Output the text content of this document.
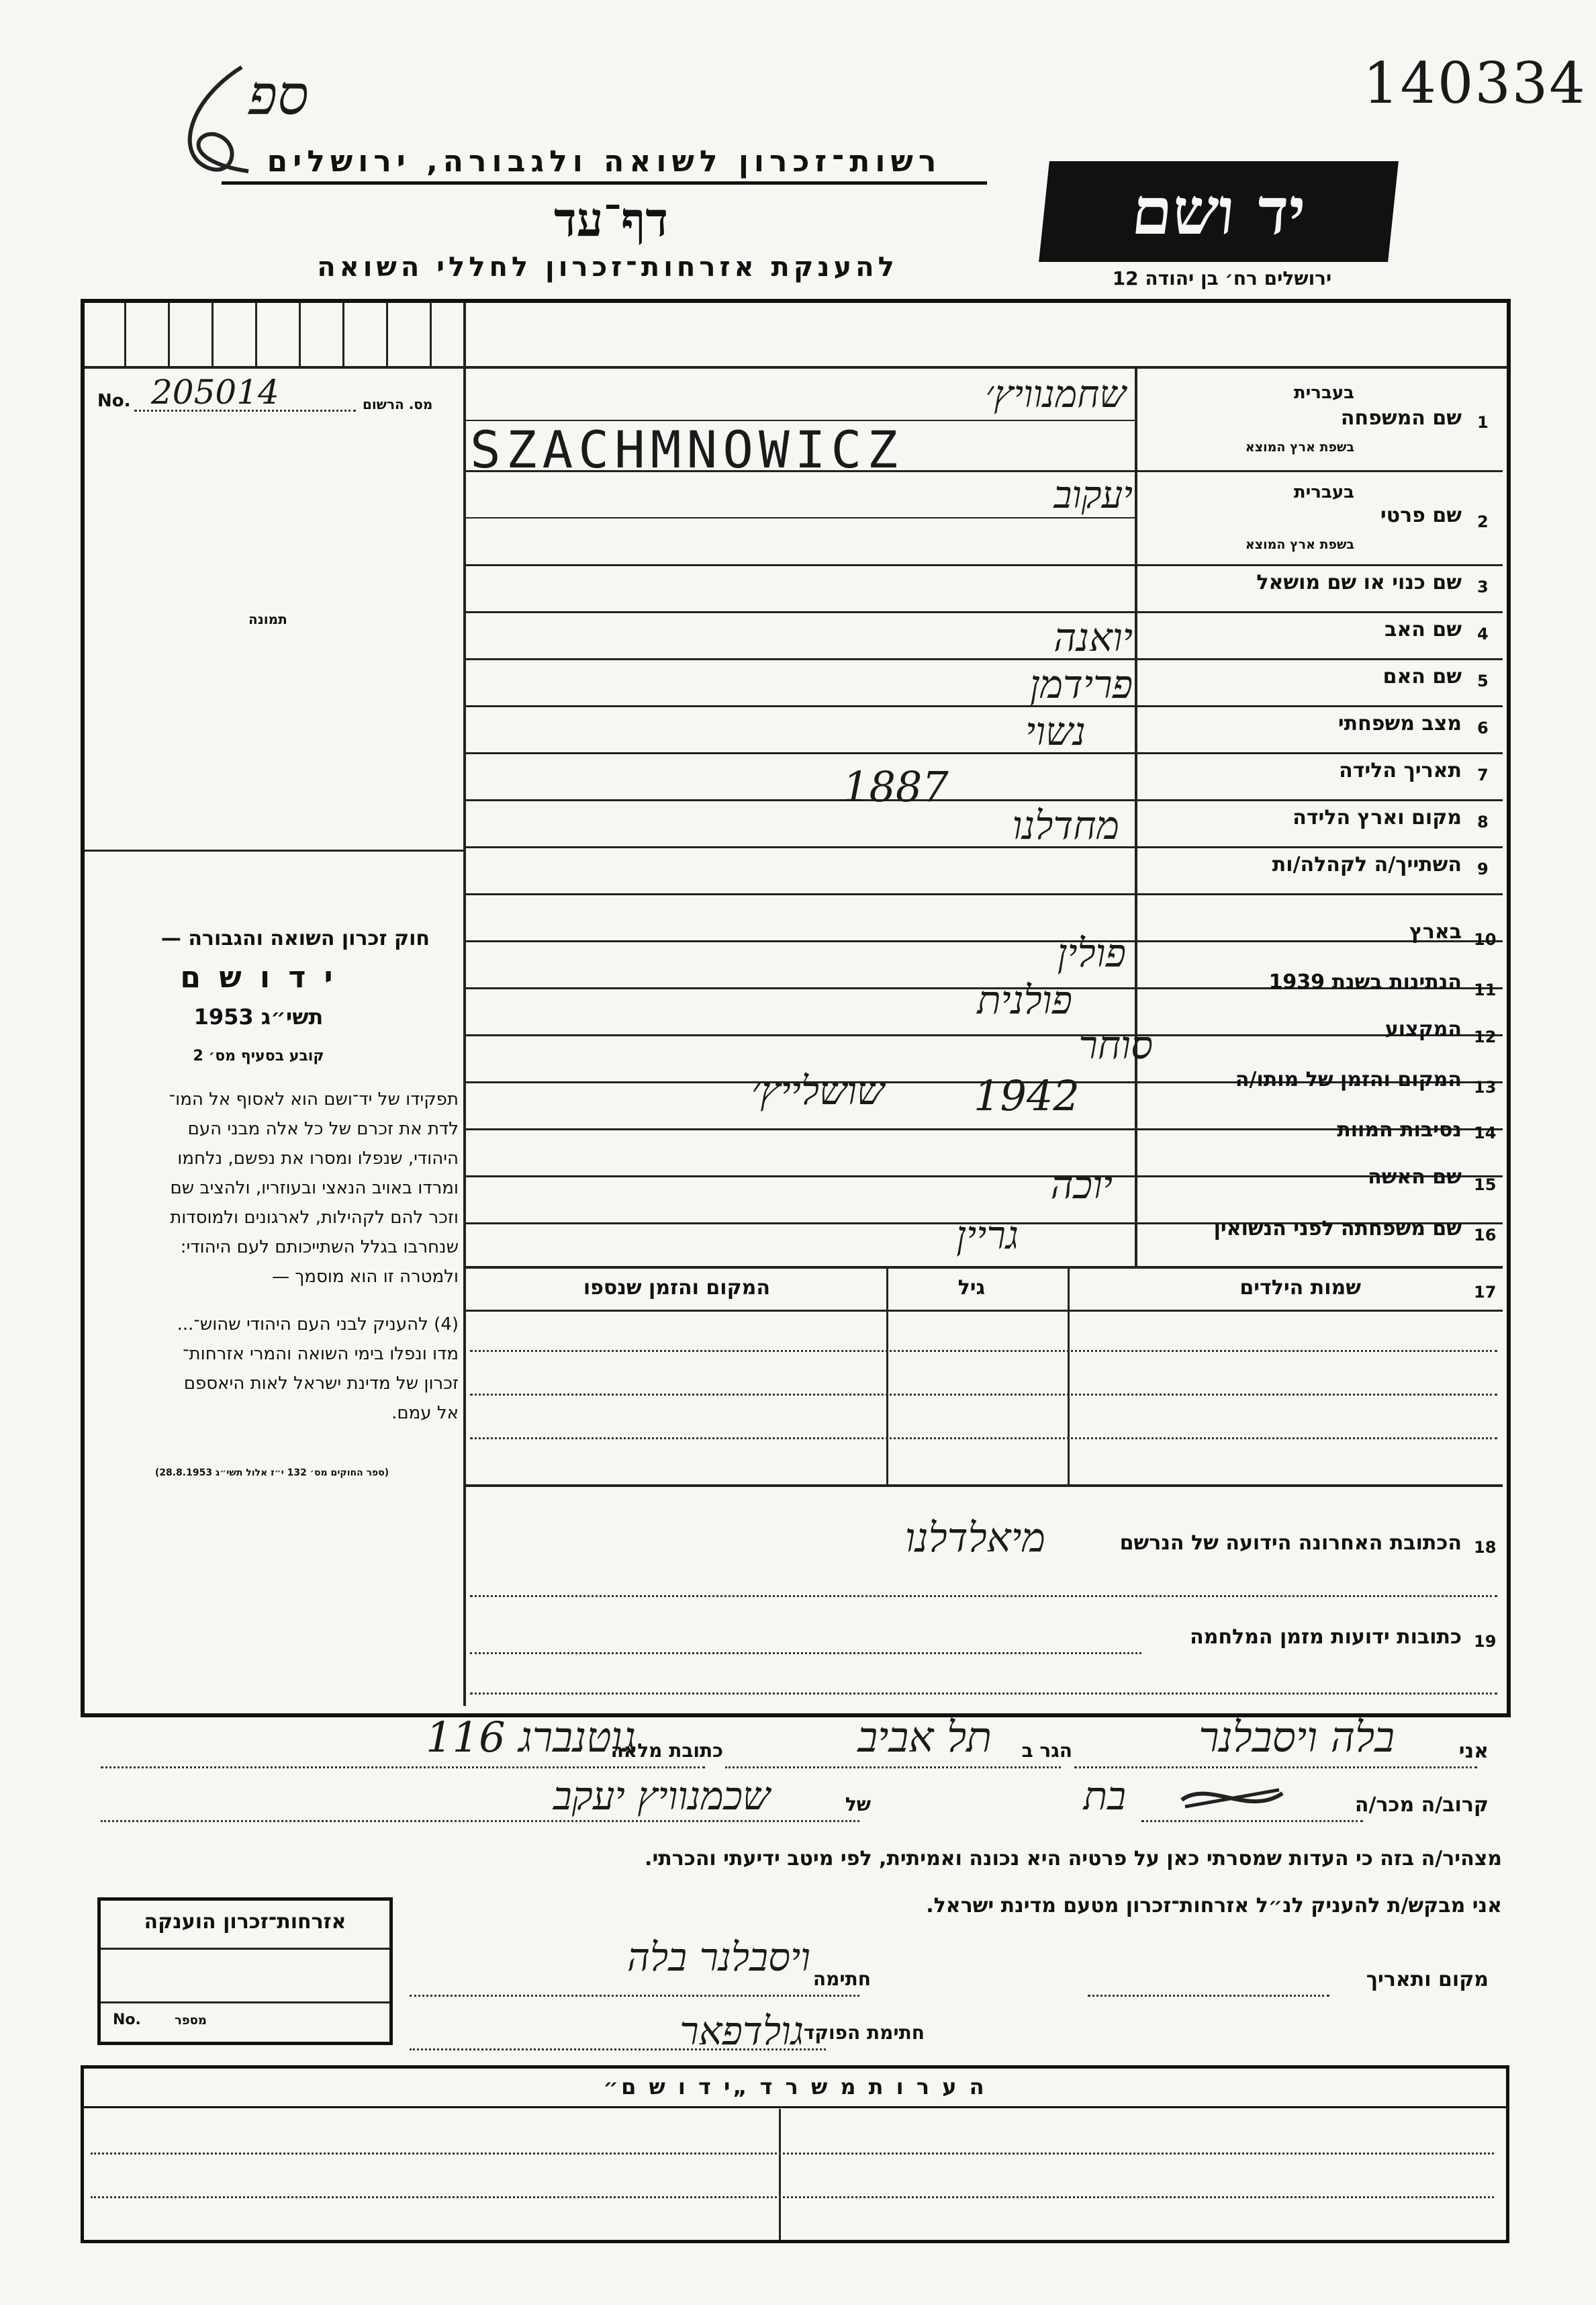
140334
ספ
רשות־זכרון לשואה ולגבורה, ירושלים
דף־עד
להענקת אזרחות־זכרון לחללי השואה
יד ושם
ירושלים רח׳ בן יהודה 12
No. 205014	מס. הרשום
תמונה
חוק זכרון השואה והגבורה —
י ד ו ש ם
תשי״ג 1953
קובע בסעיף מס׳ 2
תפקידו של יד־ושם הוא לאסוף אל המו־
לדת את זכרם של כל אלה מבני העם
היהודי, שנפלו ומסרו את נפשם, נלחמו
ומרדו באויב הנאצי ובעוזריו, ולהציב שם
וזכר להם לקהילות, לארגונים ולמוסדות
שנחרבו בגלל השתייכותם לעם היהודי:
ולמטרה זו הוא מוסמך —
(4) להעניק לבני העם היהודי שהוש־...
מדו ונפלו בימי השואה והמרי אזרחות־
זכרון של מדינת ישראל לאות היאספם
אל עמם.
(ספר החוקים מס׳ 132 י״ז אלול תשי״ג 28.8.1953)
1
שם המשפחה
בעברית
בשפת ארץ המוצא
שחמנוויץ׳
SZACHMNOWICZ
2
שם פרטי
בעברית
בשפת ארץ המוצא
יעקוב
3
שם כנוי או שם מושאל
4
שם האב
יואנה
5
שם האם
פרידמן
6
מצב משפחתי
נשוי
7
תאריך הלידה
1887
8
מקום וארץ הלידה
מחדלנו
9
השתייך/ה לקהלה/ות
10
בארץ
פולין
11
הנתינות בשנת 1939
פולנית
12
המקצוע
סוחר
13
המקום והזמן של מותו/ה
שושלייץ׳ 1942
14
נסיבות המוות
15
שם האשה
יוכה
16
שם משפחתה לפני הנשואין
גריין
17
שמות הילדים
גיל
המקום והזמן שנספו
18
הכתובת האחרונה הידועה של הנרשם
מיאלדלנו
19
כתובות ידועות מזמן המלחמה
אני
בלה ויסבלנר
הגר ב
תל אביב
כתובת מלאה
גוטנברג 116
קרוב/ה מכר/ה
בת
של
שכמנוויץ יעקב
מצהיר/ה בזה כי העדות שמסרתי כאן על פרטיה היא נכונה ואמיתית, לפי מיטב ידיעתי והכרתי.
אני מבקש/ת להעניק לנ״ל אזרחות־זכרון מטעם מדינת ישראל.
מקום ותאריך
חתימה
ויסבלנר בלה
חתימת הפוקד
גולדפאר
אזרחות־זכרון הוענקה
No.	מספר
ה ע ר ו ת מ ש ר ד „י ד ו ש ם״
